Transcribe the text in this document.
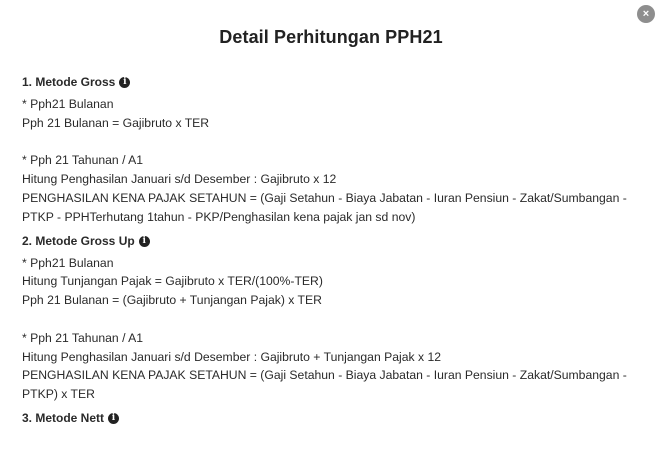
×
Detail Perhitungan PPH21
1. Metode Gross i
* Pph21 Bulanan
Pph 21 Bulanan = Gajibruto x TER
* Pph 21 Tahunan / A1
Hitung Penghasilan Januari s/d Desember : Gajibruto x 12
PENGHASILAN KENA PAJAK SETAHUN = (Gaji Setahun - Biaya Jabatan - Iuran Pensiun - Zakat/Sumbangan - PTKP - PPHTerhutang 1tahun - PKP/Penghasilan kena pajak jan sd nov)
2. Metode Gross Up i
* Pph21 Bulanan
Hitung Tunjangan Pajak = Gajibruto x TER/(100%-TER)
Pph 21 Bulanan = (Gajibruto + Tunjangan Pajak) x TER
* Pph 21 Tahunan / A1
Hitung Penghasilan Januari s/d Desember : Gajibruto + Tunjangan Pajak x 12
PENGHASILAN KENA PAJAK SETAHUN = (Gaji Setahun - Biaya Jabatan - Iuran Pensiun - Zakat/Sumbangan - PTKP) x TER
3. Metode Nett i
